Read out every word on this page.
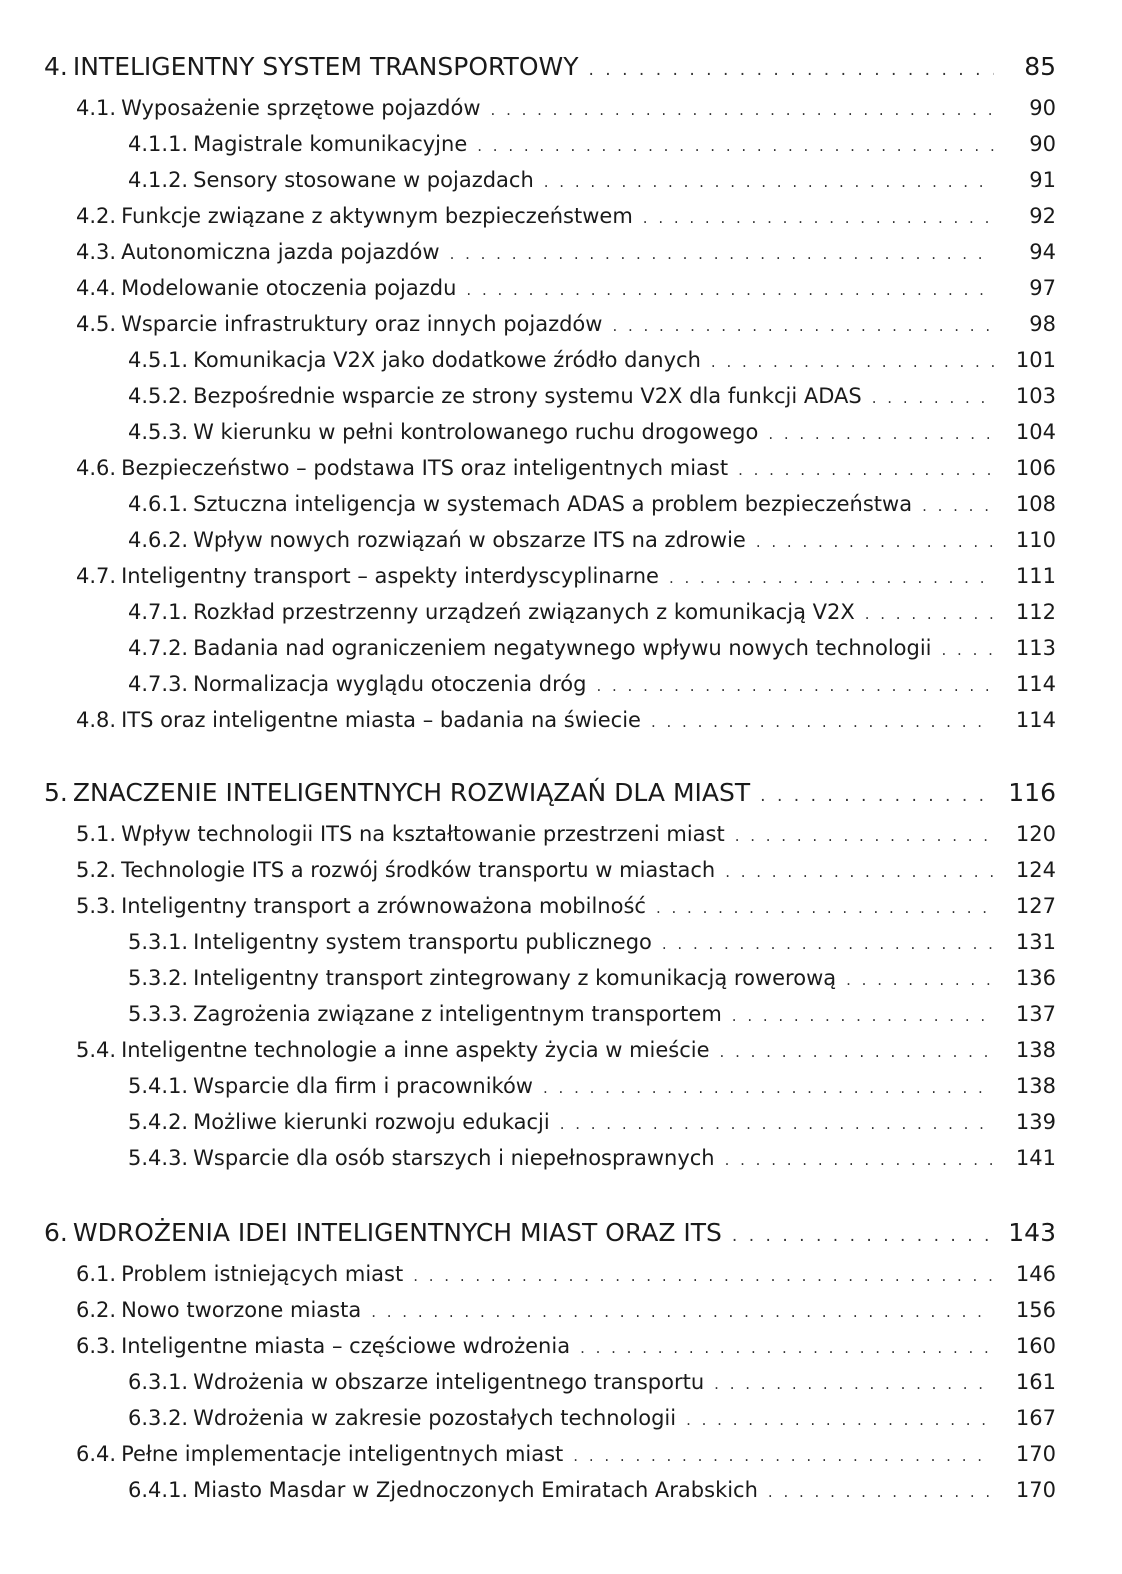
4. INTELIGENTNY SYSTEM TRANSPORTOWY . . .	85
4.1. Wyposażenie sprzętowe pojazdów . . .	90
4.1.1. Magistrale komunikacyjne . . .	90
4.1.2. Sensory stosowane w pojazdach . . .	91
4.2. Funkcje związane z aktywnym bezpieczeństwem . . .	92
4.3. Autonomiczna jazda pojazdów . . .	94
4.4. Modelowanie otoczenia pojazdu . . .	97
4.5. Wsparcie infrastruktury oraz innych pojazdów . . .	98
4.5.1. Komunikacja V2X jako dodatkowe źródło danych . . .	101
4.5.2. Bezpośrednie wsparcie ze strony systemu V2X dla funkcji ADAS . . .	103
4.5.3. W kierunku w pełni kontrolowanego ruchu drogowego . . .	104
4.6. Bezpieczeństwo – podstawa ITS oraz inteligentnych miast . . .	106
4.6.1. Sztuczna inteligencja w systemach ADAS a problem bezpieczeństwa . . .	108
4.6.2. Wpływ nowych rozwiązań w obszarze ITS na zdrowie . . .	110
4.7. Inteligentny transport – aspekty interdyscyplinarne . . .	111
4.7.1. Rozkład przestrzenny urządzeń związanych z komunikacją V2X . . .	112
4.7.2. Badania nad ograniczeniem negatywnego wpływu nowych technologii . . .	113
4.7.3. Normalizacja wyglądu otoczenia dróg . . .	114
4.8. ITS oraz inteligentne miasta – badania na świecie . . .	114
5. ZNACZENIE INTELIGENTNYCH ROZWIĄZAŃ DLA MIAST . . .	116
5.1. Wpływ technologii ITS na kształtowanie przestrzeni miast . . .	120
5.2. Technologie ITS a rozwój środków transportu w miastach . . .	124
5.3. Inteligentny transport a zrównoważona mobilność . . .	127
5.3.1. Inteligentny system transportu publicznego . . .	131
5.3.2. Inteligentny transport zintegrowany z komunikacją rowerową . . .	136
5.3.3. Zagrożenia związane z inteligentnym transportem . . .	137
5.4. Inteligentne technologie a inne aspekty życia w mieście . . .	138
5.4.1. Wsparcie dla firm i pracowników . . .	138
5.4.2. Możliwe kierunki rozwoju edukacji . . .	139
5.4.3. Wsparcie dla osób starszych i niepełnosprawnych . . .	141
6. WDROŻENIA IDEI INTELIGENTNYCH MIAST ORAZ ITS . . .	143
6.1. Problem istniejących miast . . .	146
6.2. Nowo tworzone miasta . . .	156
6.3. Inteligentne miasta – częściowe wdrożenia . . .	160
6.3.1. Wdrożenia w obszarze inteligentnego transportu . . .	161
6.3.2. Wdrożenia w zakresie pozostałych technologii . . .	167
6.4. Pełne implementacje inteligentnych miast . . .	170
6.4.1. Miasto Masdar w Zjednoczonych Emiratach Arabskich . . .	170
